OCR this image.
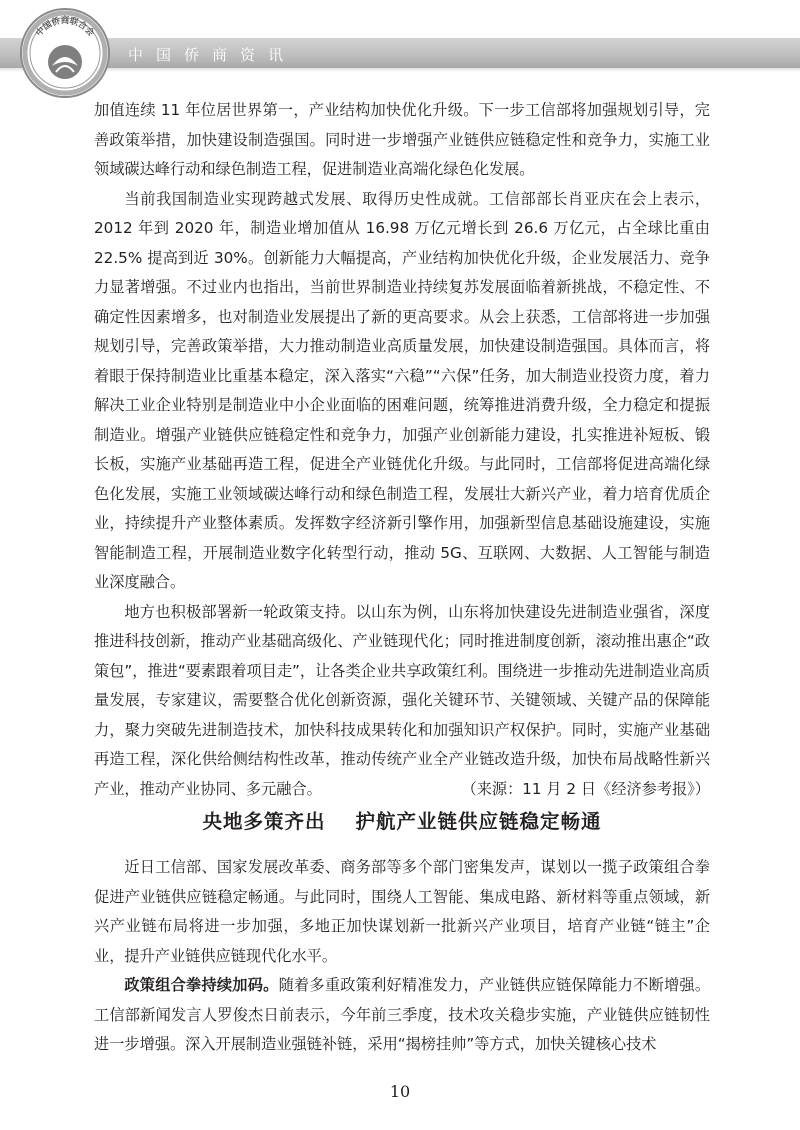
中国侨商资讯
中国侨商联合会

加值连续 11 年位居世界第一，产业结构加快优化升级。下一步工信部将加强规划引导，完善政策举措，加快建设制造强国。同时进一步增强产业链供应链稳定性和竞争力，实施工业领域碳达峰行动和绿色制造工程，促进制造业高端化绿色化发展。

当前我国制造业实现跨越式发展、取得历史性成就。工信部部长肖亚庆在会上表示，2012 年到 2020 年，制造业增加值从 16.98 万亿元增长到 26.6 万亿元，占全球比重由 22.5% 提高到近 30%。创新能力大幅提高，产业结构加快优化升级，企业发展活力、竞争力显著增强。不过业内也指出，当前世界制造业持续复苏发展面临着新挑战，不稳定性、不确定性因素增多，也对制造业发展提出了新的更高要求。从会上获悉，工信部将进一步加强规划引导，完善政策举措，大力推动制造业高质量发展，加快建设制造强国。具体而言，将着眼于保持制造业比重基本稳定，深入落实“六稳”“六保”任务，加大制造业投资力度，着力解决工业企业特别是制造业中小企业面临的困难问题，统筹推进消费升级，全力稳定和提振制造业。增强产业链供应链稳定性和竞争力，加强产业创新能力建设，扎实推进补短板、锻长板，实施产业基础再造工程，促进全产业链优化升级。与此同时，工信部将促进高端化绿色化发展，实施工业领域碳达峰行动和绿色制造工程，发展壮大新兴产业，着力培育优质企业，持续提升产业整体素质。发挥数字经济新引擎作用，加强新型信息基础设施建设，实施智能制造工程，开展制造业数字化转型行动，推动 5G、互联网、大数据、人工智能与制造业深度融合。

地方也积极部署新一轮政策支持。以山东为例，山东将加快建设先进制造业强省，深度推进科技创新，推动产业基础高级化、产业链现代化；同时推进制度创新，滚动推出惠企“政策包”，推进“要素跟着项目走”，让各类企业共享政策红利。围绕进一步推动先进制造业高质量发展，专家建议，需要整合优化创新资源，强化关键环节、关键领域、关键产品的保障能力，聚力突破先进制造技术，加快科技成果转化和加强知识产权保护。同时，实施产业基础再造工程，深化供给侧结构性改革，推动传统产业全产业链改造升级，加快布局战略性新兴产业，推动产业协同、多元融合。	（来源：11 月 2 日《经济参考报》）

央地多策齐出 护航产业链供应链稳定畅通

近日工信部、国家发展改革委、商务部等多个部门密集发声，谋划以一揽子政策组合拳促进产业链供应链稳定畅通。与此同时，围绕人工智能、集成电路、新材料等重点领域，新兴产业链布局将进一步加强，多地正加快谋划新一批新兴产业项目，培育产业链“链主”企业，提升产业链供应链现代化水平。

政策组合拳持续加码。随着多重政策利好精准发力，产业链供应链保障能力不断增强。工信部新闻发言人罗俊杰日前表示，今年前三季度，技术攻关稳步实施，产业链供应链韧性进一步增强。深入开展制造业强链补链，采用“揭榜挂帅”等方式，加快关键核心技术

10
